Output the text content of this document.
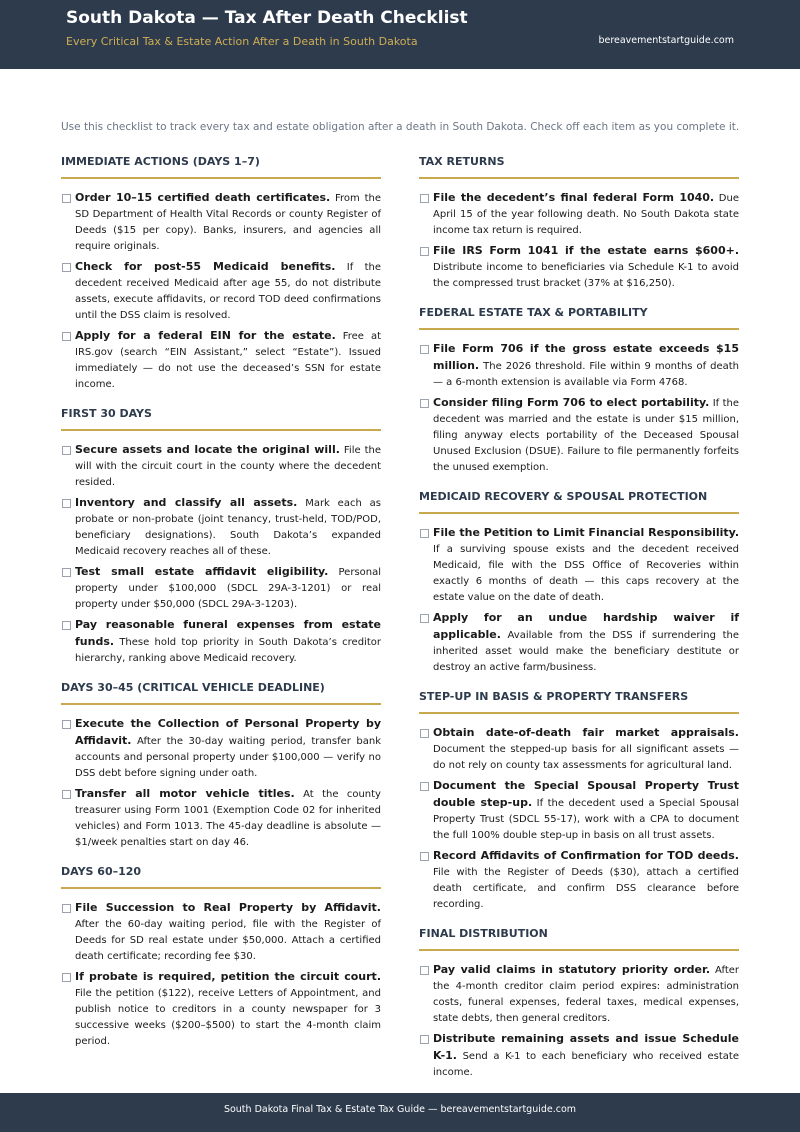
South Dakota — Tax After Death Checklist
Every Critical Tax & Estate Action After a Death in South Dakota	bereavementstartguide.com
Use this checklist to track every tax and estate obligation after a death in South Dakota. Check off each item as you complete it.
IMMEDIATE ACTIONS (DAYS 1–7)
Order 10–15 certified death certificates. From the SD Department of Health Vital Records or county Register of Deeds ($15 per copy). Banks, insurers, and agencies all require originals.
Check for post-55 Medicaid benefits. If the decedent received Medicaid after age 55, do not distribute assets, execute affidavits, or record TOD deed confirmations until the DSS claim is resolved.
Apply for a federal EIN for the estate. Free at IRS.gov (search “EIN Assistant,” select “Estate”). Issued immediately — do not use the deceased’s SSN for estate income.
FIRST 30 DAYS
Secure assets and locate the original will. File the will with the circuit court in the county where the decedent resided.
Inventory and classify all assets. Mark each as probate or non-probate (joint tenancy, trust-held, TOD/POD, beneficiary designations). South Dakota’s expanded Medicaid recovery reaches all of these.
Test small estate affidavit eligibility. Personal property under $100,000 (SDCL 29A-3-1201) or real property under $50,000 (SDCL 29A-3-1203).
Pay reasonable funeral expenses from estate funds. These hold top priority in South Dakota’s creditor hierarchy, ranking above Medicaid recovery.
DAYS 30–45 (CRITICAL VEHICLE DEADLINE)
Execute the Collection of Personal Property by Affidavit. After the 30-day waiting period, transfer bank accounts and personal property under $100,000 — verify no DSS debt before signing under oath.
Transfer all motor vehicle titles. At the county treasurer using Form 1001 (Exemption Code 02 for inherited vehicles) and Form 1013. The 45-day deadline is absolute — $1/week penalties start on day 46.
DAYS 60–120
File Succession to Real Property by Affidavit. After the 60-day waiting period, file with the Register of Deeds for SD real estate under $50,000. Attach a certified death certificate; recording fee $30.
If probate is required, petition the circuit court. File the petition ($122), receive Letters of Appointment, and publish notice to creditors in a county newspaper for 3 successive weeks ($200–$500) to start the 4-month claim period.
TAX RETURNS
File the decedent’s final federal Form 1040. Due April 15 of the year following death. No South Dakota state income tax return is required.
File IRS Form 1041 if the estate earns $600+. Distribute income to beneficiaries via Schedule K-1 to avoid the compressed trust bracket (37% at $16,250).
FEDERAL ESTATE TAX & PORTABILITY
File Form 706 if the gross estate exceeds $15 million. The 2026 threshold. File within 9 months of death — a 6-month extension is available via Form 4768.
Consider filing Form 706 to elect portability. If the decedent was married and the estate is under $15 million, filing anyway elects portability of the Deceased Spousal Unused Exclusion (DSUE). Failure to file permanently forfeits the unused exemption.
MEDICAID RECOVERY & SPOUSAL PROTECTION
File the Petition to Limit Financial Responsibility. If a surviving spouse exists and the decedent received Medicaid, file with the DSS Office of Recoveries within exactly 6 months of death — this caps recovery at the estate value on the date of death.
Apply for an undue hardship waiver if applicable. Available from the DSS if surrendering the inherited asset would make the beneficiary destitute or destroy an active farm/business.
STEP-UP IN BASIS & PROPERTY TRANSFERS
Obtain date-of-death fair market appraisals. Document the stepped-up basis for all significant assets — do not rely on county tax assessments for agricultural land.
Document the Special Spousal Property Trust double step-up. If the decedent used a Special Spousal Property Trust (SDCL 55-17), work with a CPA to document the full 100% double step-up in basis on all trust assets.
Record Affidavits of Confirmation for TOD deeds. File with the Register of Deeds ($30), attach a certified death certificate, and confirm DSS clearance before recording.
FINAL DISTRIBUTION
Pay valid claims in statutory priority order. After the 4-month creditor claim period expires: administration costs, funeral expenses, federal taxes, medical expenses, state debts, then general creditors.
Distribute remaining assets and issue Schedule K-1. Send a K-1 to each beneficiary who received estate income.
South Dakota Final Tax & Estate Tax Guide — bereavementstartguide.com
